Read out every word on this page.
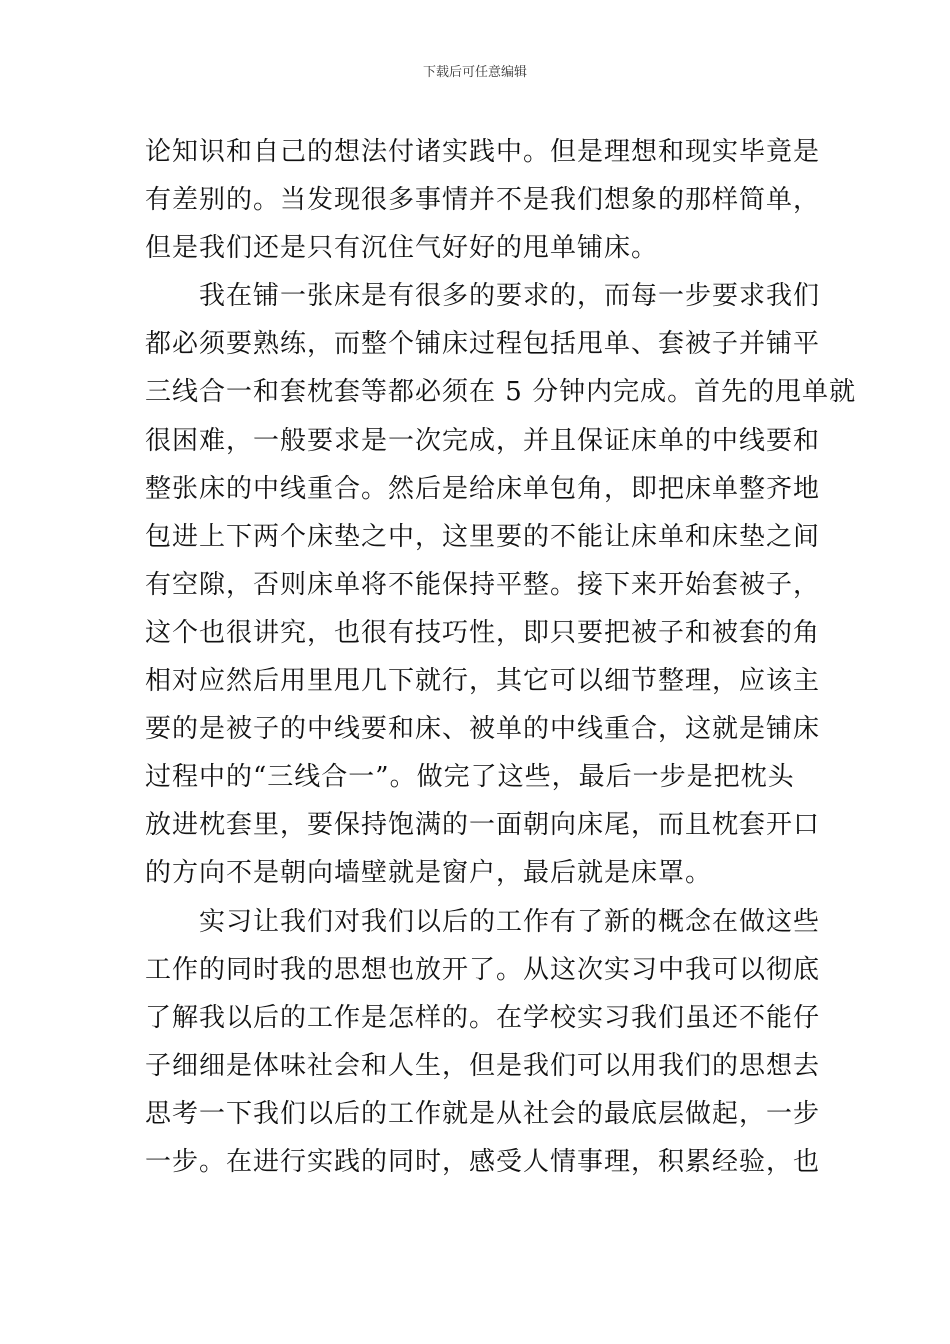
下载后可任意编辑
论知识和自己的想法付诸实践中。但是理想和现实毕竟是
有差别的。当发现很多事情并不是我们想象的那样简单，
但是我们还是只有沉住气好好的甩单铺床。
　　我在铺一张床是有很多的要求的，而每一步要求我们
都必须要熟练，而整个铺床过程包括甩单、套被子并铺平
三线合一和套枕套等都必须在 5 分钟内完成。首先的甩单就
很困难，一般要求是一次完成，并且保证床单的中线要和
整张床的中线重合。然后是给床单包角，即把床单整齐地
包进上下两个床垫之中，这里要的不能让床单和床垫之间
有空隙，否则床单将不能保持平整。接下来开始套被子，
这个也很讲究，也很有技巧性，即只要把被子和被套的角
相对应然后用里甩几下就行，其它可以细节整理，应该主
要的是被子的中线要和床、被单的中线重合，这就是铺床
过程中的“三线合一”。做完了这些，最后一步是把枕头
放进枕套里，要保持饱满的一面朝向床尾，而且枕套开口
的方向不是朝向墙壁就是窗户，最后就是床罩。
　　实习让我们对我们以后的工作有了新的概念在做这些
工作的同时我的思想也放开了。从这次实习中我可以彻底
了解我以后的工作是怎样的。在学校实习我们虽还不能仔
子细细是体味社会和人生，但是我们可以用我们的思想去
思考一下我们以后的工作就是从社会的最底层做起，一步
一步。在进行实践的同时，感受人情事理，积累经验，也
